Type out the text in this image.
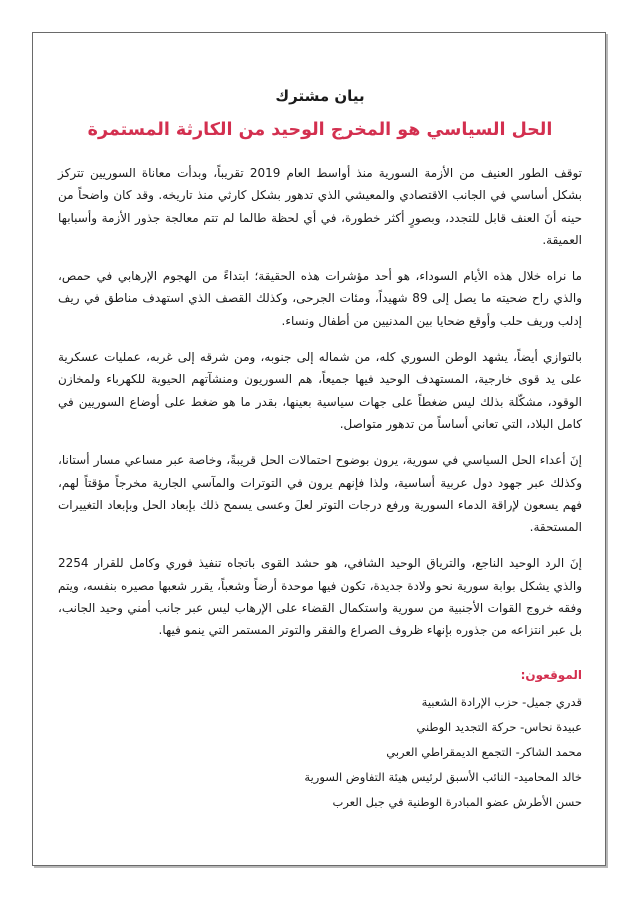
بيان مشترك
الحل السياسي هو المخرج الوحيد من الكارثة المستمرة

توقف الطور العنيف من الأزمة السورية منذ أواسط العام 2019 تقريباً، وبدأت معاناة السوريين تتركز بشكل أساسي في الجانب الاقتصادي والمعيشي الذي تدهور بشكل كارثي منذ تاريخه. وقد كان واضحاً من حينه أنَ العنف قابل للتجدد، وبصورٍ أكثر خطورة، في أي لحظة طالما لم تتم معالجة جذور الأزمة وأسبابها العميقة.

ما نراه خلال هذه الأيام السوداء، هو أحد مؤشرات هذه الحقيقة؛ ابتداءً من الهجوم الإرهابي في حمص، والذي راح ضحيته ما يصل إلى 89 شهيداً، ومئات الجرحى، وكذلك القصف الذي استهدف مناطق في ريف إدلب وريف حلب وأوقع ضحايا بين المدنيين من أطفال ونساء.

بالتوازي أيضاً، يشهد الوطن السوري كله، من شماله إلى جنوبه، ومن شرقه إلى غربه، عمليات عسكرية على يد قوى خارجية، المستهدف الوحيد فيها جميعاً، هم السوريون ومنشآتهم الحيوية للكهرباء ولمخازن الوقود، مشكّلة بذلك ليس ضغطاً على جهات سياسية بعينها، بقدر ما هو ضغط على أوضاع السوريين في كامل البلاد، التي تعاني أساساً من تدهور متواصل.

إنَ أعداء الحل السياسي في سورية، يرون بوضوح احتمالات الحل قريبةً، وخاصة عبر مساعي مسار أستانا، وكذلك عبر جهود دول عربية أساسية، ولذا فإنهم يرون في التوترات والمآسي الجارية مخرجاً مؤقتاً لهم، فهم يسعون لإراقة الدماء السورية ورفع درجات التوتر لعلَ وعسى يسمح ذلك بإبعاد الحل وبإبعاد التغييرات المستحقة.

إنَ الرد الوحيد الناجع، والترياق الوحيد الشافي، هو حشد القوى باتجاه تنفيذ فوري وكامل للقرار 2254 والذي يشكل بوابة سورية نحو ولادة جديدة، تكون فيها موحدة أرضاً وشعباً، يقرر شعبها مصيره بنفسه، ويتم وفقه خروج القوات الأجنبية من سورية واستكمال القضاء على الإرهاب ليس عبر جانب أمني وحيد الجانب، بل عبر انتزاعه من جذوره بإنهاء ظروف الصراع والفقر والتوتر المستمر التي ينمو فيها.

الموقعون:
قدري جميل- حزب الإرادة الشعبية
عبيدة نحاس- حركة التجديد الوطني
محمد الشاكر- التجمع الديمقراطي العربي
خالد المحاميد- النائب الأسبق لرئيس هيئة التفاوض السورية
حسن الأطرش عضو المبادرة الوطنية في جبل العرب
